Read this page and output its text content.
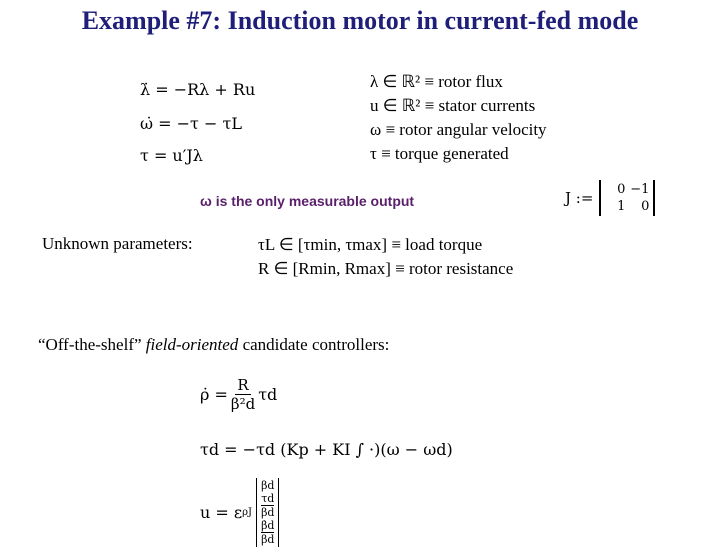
Example #7: Induction motor in current-fed mode
λ̇ = −Rλ + Ru
ω̇ = −τ − τL
τ = u′Jλ
λ ∈ ℝ² ≡ rotor flux
u ∈ ℝ² ≡ stator currents
ω ≡ rotor angular velocity
τ ≡ torque generated
ω is the only measurable output	J :=	0 −1
1	0
Unknown parameters:	τL ∈ [τmin, τmax] ≡ load torque
R ∈ [Rmin, Rmax] ≡ rotor resistance
“Off-the-shelf” field-oriented candidate controllers:
ρ̇ = $\frac{R}{\text{β²d}}$ τd
τd = −τd (Kp + KI ∫ ·)(ω − ωd)
u = ε ρJ
βd
$\frac{\tau d}{\beta d}$
$\frac{\betȧd}{\beta d}$
